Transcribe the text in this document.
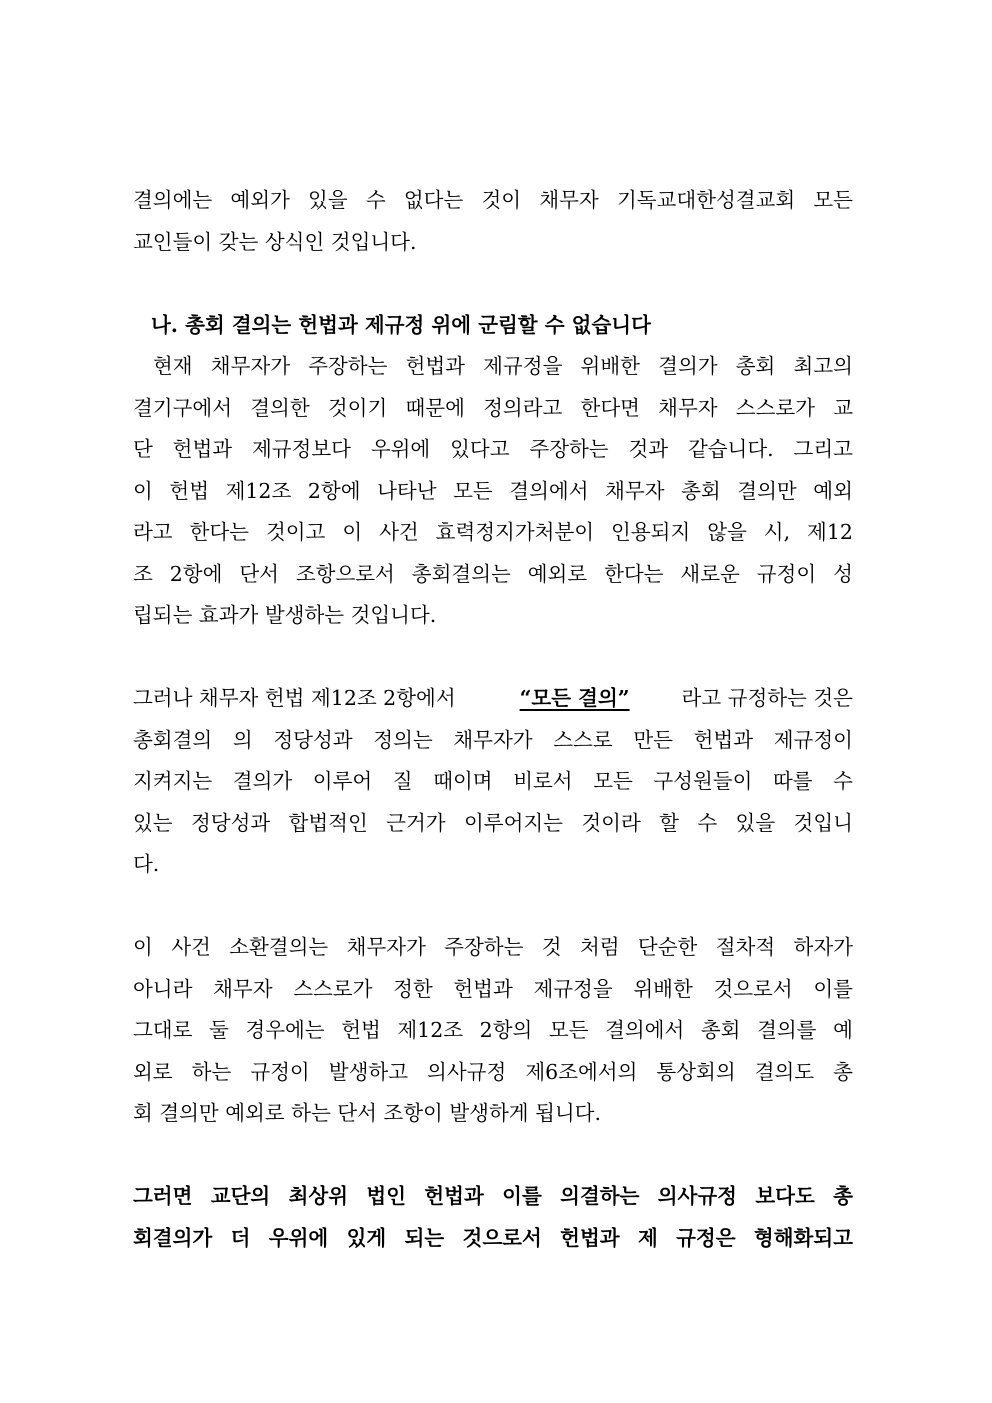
결의에는 예외가 있을 수 없다는 것이 채무자 기독교대한성결교회 모든
교인들이 갖는 상식인 것입니다.
나. 총회 결의는 헌법과 제규정 위에 군림할 수 없습니다
현재 채무자가 주장하는 헌법과 제규정을 위배한 결의가 총회 최고의
결기구에서 결의한 것이기 때문에 정의라고 한다면 채무자 스스로가 교
단 헌법과 제규정보다 우위에 있다고 주장하는 것과 같습니다. 그리고
이 헌법 제12조 2항에 나타난 모든 결의에서 채무자 총회 결의만 예외
라고 한다는 것이고 이 사건 효력정지가처분이 인용되지 않을 시, 제12
조 2항에 단서 조항으로서 총회결의는 예외로 한다는 새로운 규정이 성
립되는 효과가 발생하는 것입니다.
그러나 채무자 헌법 제12조 2항에서	“모든 결의”	라고 규정하는 것은
총회결의 의 정당성과 정의는 채무자가 스스로 만든 헌법과 제규정이
지켜지는 결의가 이루어 질 때이며 비로서 모든 구성원들이 따를 수
있는 정당성과 합법적인 근거가 이루어지는 것이라 할 수 있을 것입니
다.
이 사건 소환결의는 채무자가 주장하는 것 처럼 단순한 절차적 하자가
아니라 채무자 스스로가 정한 헌법과 제규정을 위배한 것으로서 이를
그대로 둘 경우에는 헌법 제12조 2항의 모든 결의에서 총회 결의를 예
외로 하는 규정이 발생하고 의사규정 제6조에서의 통상회의 결의도 총
회 결의만 예외로 하는 단서 조항이 발생하게 됩니다.
그러면 교단의 최상위 법인 헌법과 이를 의결하는 의사규정 보다도 총
회결의가 더 우위에 있게 되는 것으로서 헌법과 제 규정은 형해화되고
